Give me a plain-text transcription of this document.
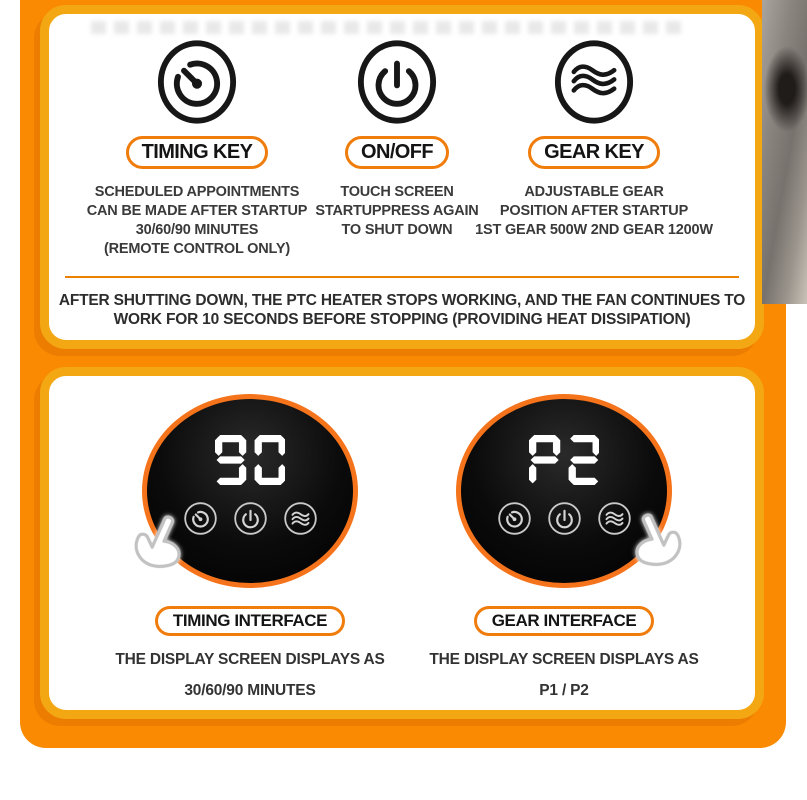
TIMING KEY
SCHEDULED APPOINTMENTS
CAN BE MADE AFTER STARTUP
30/60/90 MINUTES
(REMOTE CONTROL ONLY)
ON/OFF
TOUCH SCREEN
STARTUPPRESS AGAIN
TO SHUT DOWN
GEAR KEY
ADJUSTABLE GEAR
POSITION AFTER STARTUP
1ST GEAR 500W 2ND GEAR 1200W
AFTER SHUTTING DOWN, THE PTC HEATER STOPS WORKING, AND THE FAN CONTINUES TO
WORK FOR 10 SECONDS BEFORE STOPPING (PROVIDING HEAT DISSIPATION)
TIMING INTERFACE
THE DISPLAY SCREEN DISPLAYS AS
30/60/90 MINUTES
GEAR INTERFACE
THE DISPLAY SCREEN DISPLAYS AS
P1 / P2
